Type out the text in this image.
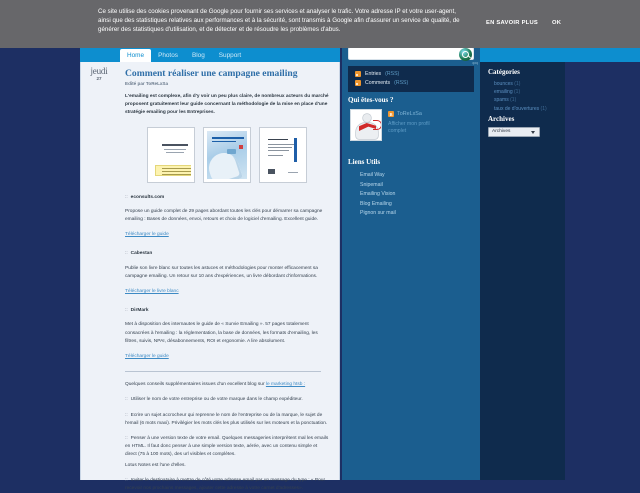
Ce site utilise des cookies provenant de Google pour fournir ses services et analyser le trafic. Votre adresse IP et votre user-agent, ainsi que des statistiques relatives aux performances et à la sécurité, sont transmis à Google afin d'assurer un service de qualité, de générer des statistiques d'utilisation, et de détecter et de résoudre les problèmes d'abus.
EN SAVOIR PLUS OK
Home	Photos	Blog	Support
jeudi
27	Comment réaliser une campagne emailing
Edité par ToReLxSa

L'emailing est complexe, afin d'y voir un peu plus claire, de nombreux acteurs du marché proposent gratuitement leur guide concernant la méthodologie de la mise en place d'une stratégie emailing pour les Entreprises.

:: econsults.com

Propose un guide complet de 29 pages abordant toutes les clés pour démarrer sa campagne emailing : Bases de données, envoi, retours et choix de logiciel d'emailing. Excellent guide.

Télécharger le guide
:: Cabestan

Publie son livre blanc sur toutes les astuces et méthodologies pour monter efficacement sa campagne emailing. Un retour sur 10 ans d'expériences, un livre débordant d'informations.

Télécharger le livre blanc
:: DirMark

Met à disposition des internautes le guide de « Survie Emailing ». 57 pages totalement consacrées à l'emailing : la réglementation, la base de données, les formats d'emailing, les filtres, suivis, NPAI, désabonnements, ROI et ergonomie. A lire absolument.

Télécharger le guide

Quelques conseils supplémentaires issues d'un excellent blog sur le marketing htsb :

:: Utiliser le nom de votre entreprise ou de votre marque dans le champ expéditeur.
:: Ecrire un sujet accrocheur qui reprenne le nom de l'entreprise ou de la marque, le sujet de l'email (6 mots maxi). Privilégier les mots clés les plus utilisés sur les moteurs et la ponctuation.
:: Penser à une version texte de votre email. Quelques messageries interprètent mal les emails en HTML. Il faut donc penser à une simple version texte, aérée, avec un contenu simple et direct (75 à 100 mots), des url visibles et complètes.
Lotus Notes est l'une d'elles.
:: Inviter le destinataire à mettre de côté votre adresse email par un message du type : « Pour recevoir nos prochains messages, ajouter cette adresse à votre carnet d'adresses».
qoq
Entries (RSS)
Comments (RSS)
Qui êtes-vous ?
B ToReLxSa
Afficher mon profil complet
Liens Utils
Email Way
Snipemail
Emailing Vision
Blog Emailing
Pignon sur mail
Catégories
bounces (1)
emailing (1)
spams (1)
taux de d'ouvertures (1)
Archives
Archives
